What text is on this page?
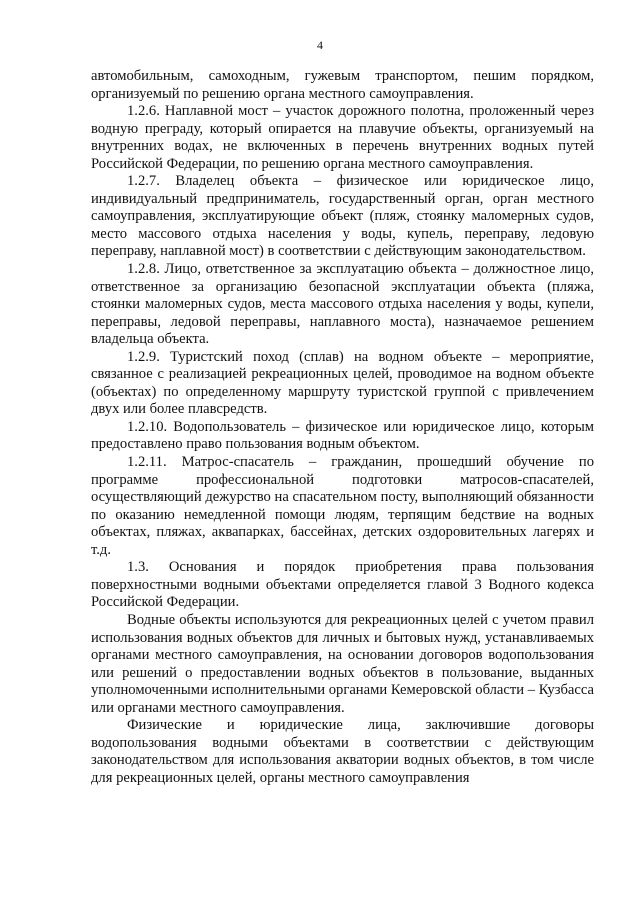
4

автомобильным, самоходным, гужевым транспортом, пешим порядком, организуемый по решению органа местного самоуправления.

1.2.6. Наплавной мост – участок дорожного полотна, проложенный через водную преграду, который опирается на плавучие объекты, организуемый на внутренних водах, не включенных в перечень внутренних водных путей Российской Федерации, по решению органа местного самоуправления.

1.2.7. Владелец объекта – физическое или юридическое лицо, индивидуальный предприниматель, государственный орган, орган местного самоуправления, эксплуатирующие объект (пляж, стоянку маломерных судов, место массового отдыха населения у воды, купель, переправу, ледовую переправу, наплавной мост) в соответствии с действующим законодательством.

1.2.8. Лицо, ответственное за эксплуатацию объекта – должностное лицо, ответственное за организацию безопасной эксплуатации объекта (пляжа, стоянки маломерных судов, места массового отдыха населения у воды, купели, переправы, ледовой переправы, наплавного моста), назначаемое решением владельца объекта.

1.2.9. Туристский поход (сплав) на водном объекте – мероприятие, связанное с реализацией рекреационных целей, проводимое на водном объекте (объектах) по определенному маршруту туристской группой с привлечением двух или более плавсредств.

1.2.10. Водопользователь – физическое или юридическое лицо, которым предоставлено право пользования водным объектом.

1.2.11. Матрос-спасатель – гражданин, прошедший обучение по программе профессиональной подготовки матросов-спасателей, осуществляющий дежурство на спасательном посту, выполняющий обязанности по оказанию немедленной помощи людям, терпящим бедствие на водных объектах, пляжах, аквапарках, бассейнах, детских оздоровительных лагерях и т.д.

1.3. Основания и порядок приобретения права пользования поверхностными водными объектами определяется главой 3 Водного кодекса Российской Федерации.

Водные объекты используются для рекреационных целей с учетом правил использования водных объектов для личных и бытовых нужд, устанавливаемых органами местного самоуправления, на основании договоров водопользования или решений о предоставлении водных объектов в пользование, выданных уполномоченными исполнительными органами Кемеровской области – Кузбасса или органами местного самоуправления.

Физические и юридические лица, заключившие договоры водопользования водными объектами в соответствии с действующим законодательством для использования акватории водных объектов, в том числе для рекреационных целей, органы местного самоуправления
